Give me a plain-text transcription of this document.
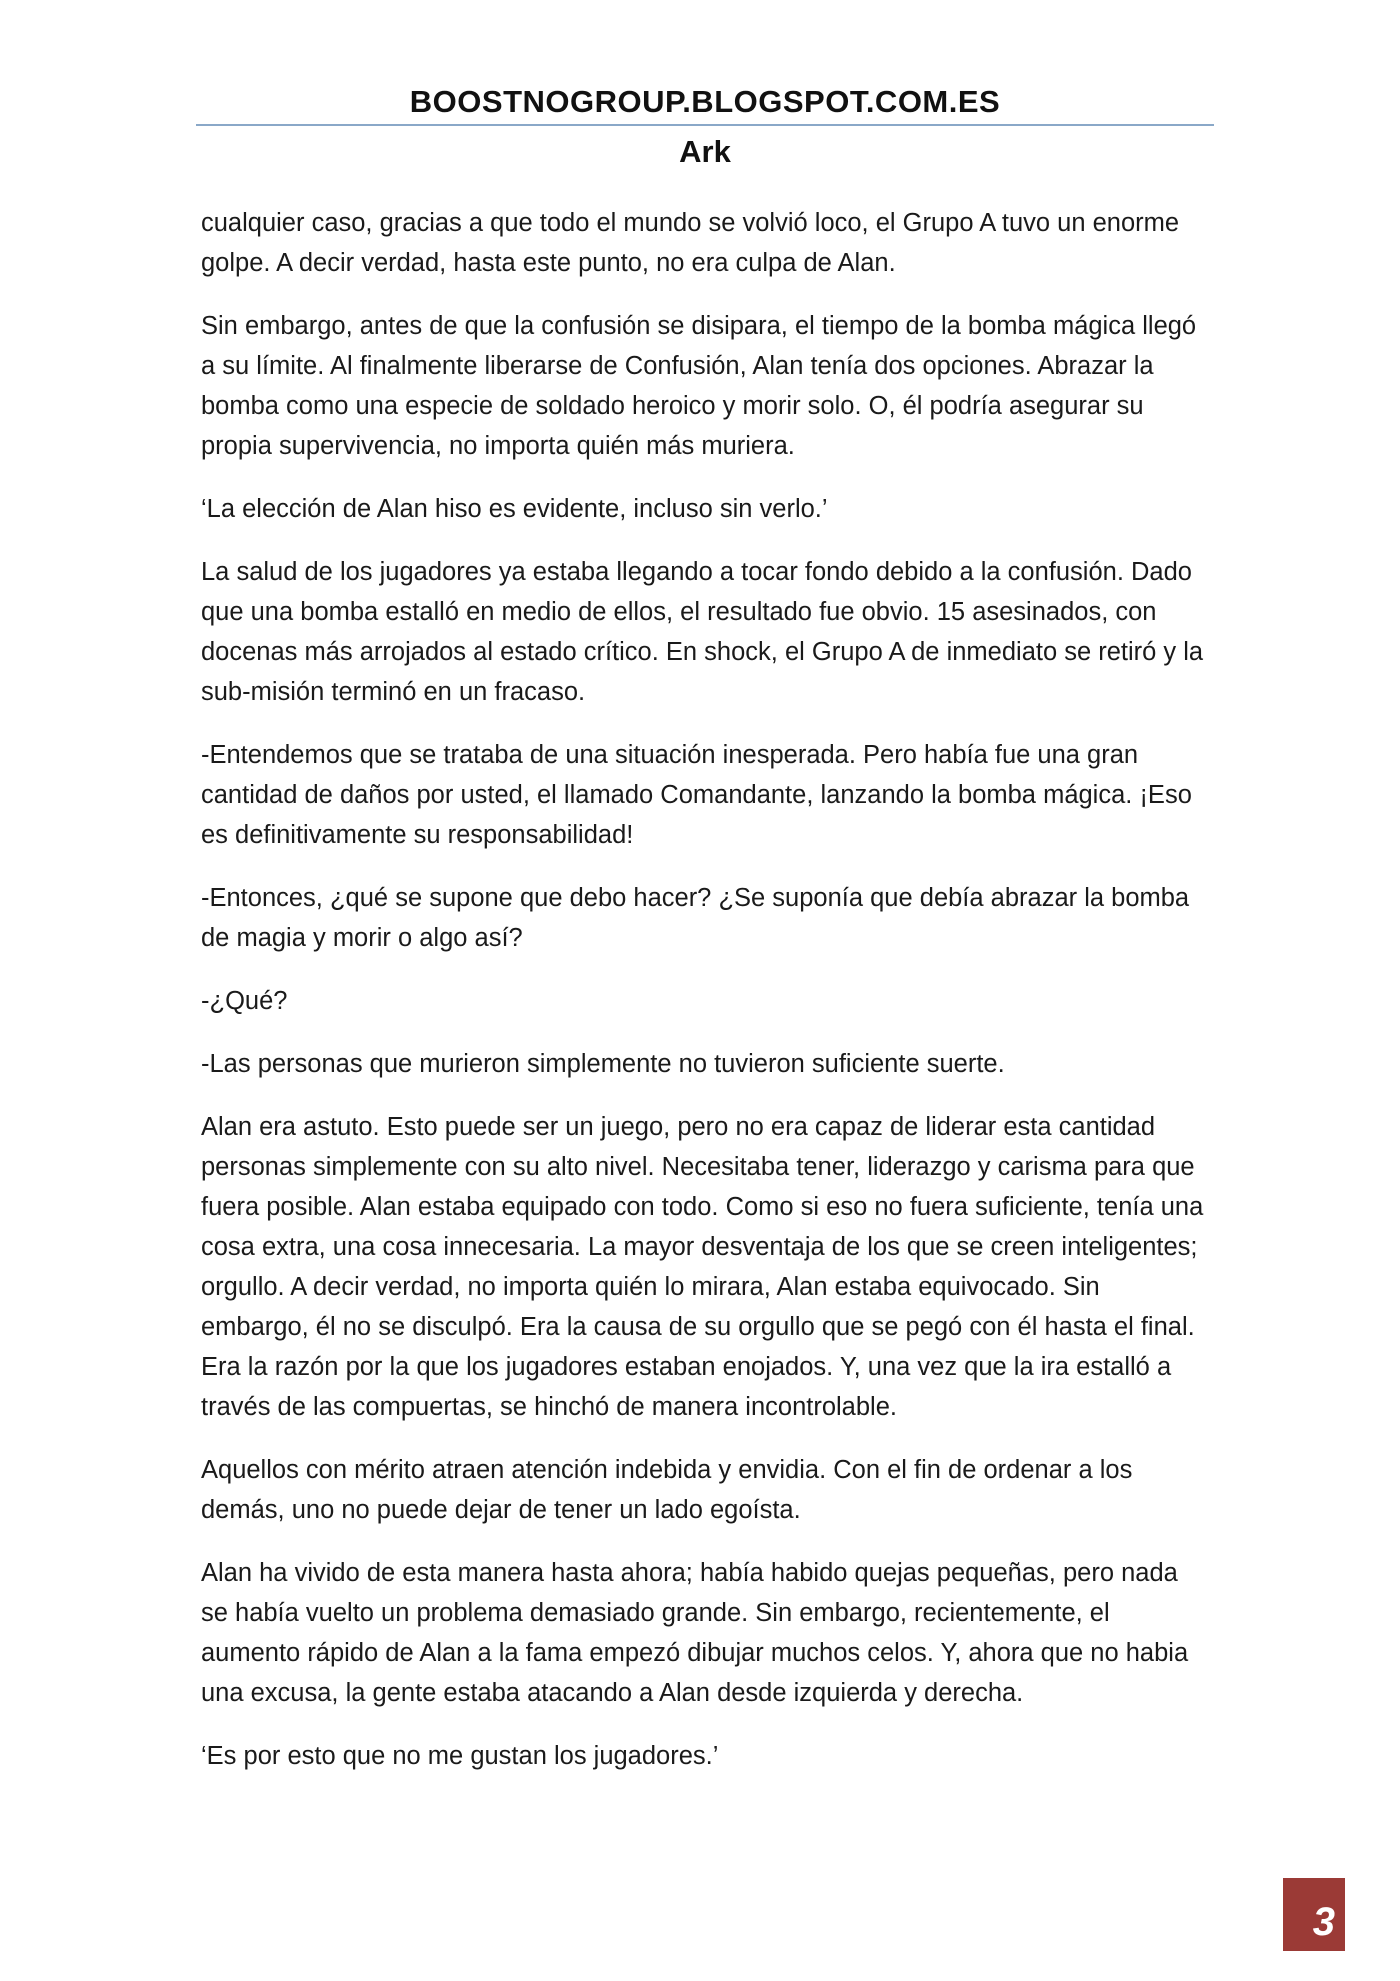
BOOSTNOGROUP.BLOGSPOT.COM.ES
Ark

cualquier caso, gracias a que todo el mundo se volvió loco, el Grupo A tuvo un enorme golpe. A decir verdad, hasta este punto, no era culpa de Alan.

Sin embargo, antes de que la confusión se disipara, el tiempo de la bomba mágica llegó a su límite. Al finalmente liberarse de Confusión, Alan tenía dos opciones. Abrazar la bomba como una especie de soldado heroico y morir solo. O, él podría asegurar su propia supervivencia, no importa quién más muriera.

‘La elección de Alan hiso es evidente, incluso sin verlo.’

La salud de los jugadores ya estaba llegando a tocar fondo debido a la confusión. Dado que una bomba estalló en medio de ellos, el resultado fue obvio. 15 asesinados, con docenas más arrojados al estado crítico. En shock, el Grupo A de inmediato se retiró y la sub-misión terminó en un fracaso.

-Entendemos que se trataba de una situación inesperada. Pero había fue una gran cantidad de daños por usted, el llamado Comandante, lanzando la bomba mágica. ¡Eso es definitivamente su responsabilidad!

-Entonces, ¿qué se supone que debo hacer? ¿Se suponía que debía abrazar la bomba de magia y morir o algo así?

-¿Qué?

-Las personas que murieron simplemente no tuvieron suficiente suerte.

Alan era astuto. Esto puede ser un juego, pero no era capaz de liderar esta cantidad personas simplemente con su alto nivel. Necesitaba tener, liderazgo y carisma para que fuera posible. Alan estaba equipado con todo. Como si eso no fuera suficiente, tenía una cosa extra, una cosa innecesaria. La mayor desventaja de los que se creen inteligentes; orgullo. A decir verdad, no importa quién lo mirara, Alan estaba equivocado. Sin embargo, él no se disculpó. Era la causa de su orgullo que se pegó con él hasta el final. Era la razón por la que los jugadores estaban enojados. Y, una vez que la ira estalló a través de las compuertas, se hinchó de manera incontrolable.

Aquellos con mérito atraen atención indebida y envidia. Con el fin de ordenar a los demás, uno no puede dejar de tener un lado egoísta.

Alan ha vivido de esta manera hasta ahora; había habido quejas pequeñas, pero nada se había vuelto un problema demasiado grande. Sin embargo, recientemente, el aumento rápido de Alan a la fama empezó dibujar muchos celos. Y, ahora que no habia una excusa, la gente estaba atacando a Alan desde izquierda y derecha.

‘Es por esto que no me gustan los jugadores.’

3
